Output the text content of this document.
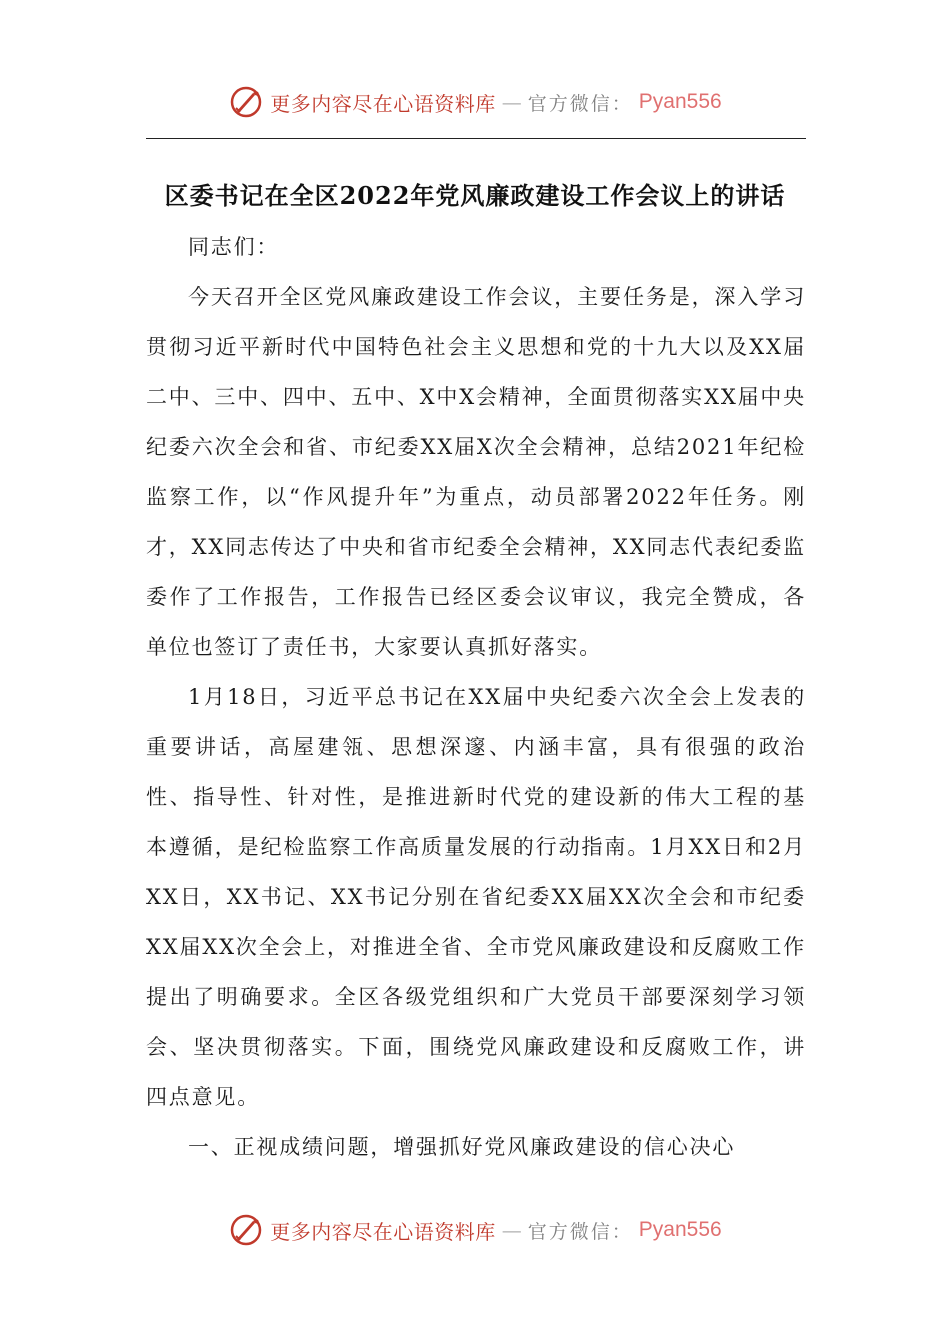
更多内容尽在心语资料库 — 官方微信： Pyan556
区委书记在全区2022年党风廉政建设工作会议上的讲话

同志们：

今天召开全区党风廉政建设工作会议，主要任务是，深入学习贯彻习近平新时代中国特色社会主义思想和党的十九大以及XX届二中、三中、四中、五中、X中X会精神，全面贯彻落实XX届中央纪委六次全会和省、市纪委XX届X次全会精神，总结2021年纪检监察工作，以“作风提升年”为重点，动员部署2022年任务。刚才，XX同志传达了中央和省市纪委全会精神，XX同志代表纪委监委作了工作报告，工作报告已经区委会议审议，我完全赞成，各单位也签订了责任书，大家要认真抓好落实。

1月18日，习近平总书记在XX届中央纪委六次全会上发表的重要讲话，高屋建瓴、思想深邃、内涵丰富，具有很强的政治性、指导性、针对性，是推进新时代党的建设新的伟大工程的基本遵循，是纪检监察工作高质量发展的行动指南。1月XX日和2月XX日，XX书记、XX书记分别在省纪委XX届XX次全会和市纪委XX届XX次全会上，对推进全省、全市党风廉政建设和反腐败工作提出了明确要求。全区各级党组织和广大党员干部要深刻学习领会、坚决贯彻落实。下面，围绕党风廉政建设和反腐败工作，讲四点意见。

一、正视成绩问题，增强抓好党风廉政建设的信心决心

更多内容尽在心语资料库 — 官方微信： Pyan556
